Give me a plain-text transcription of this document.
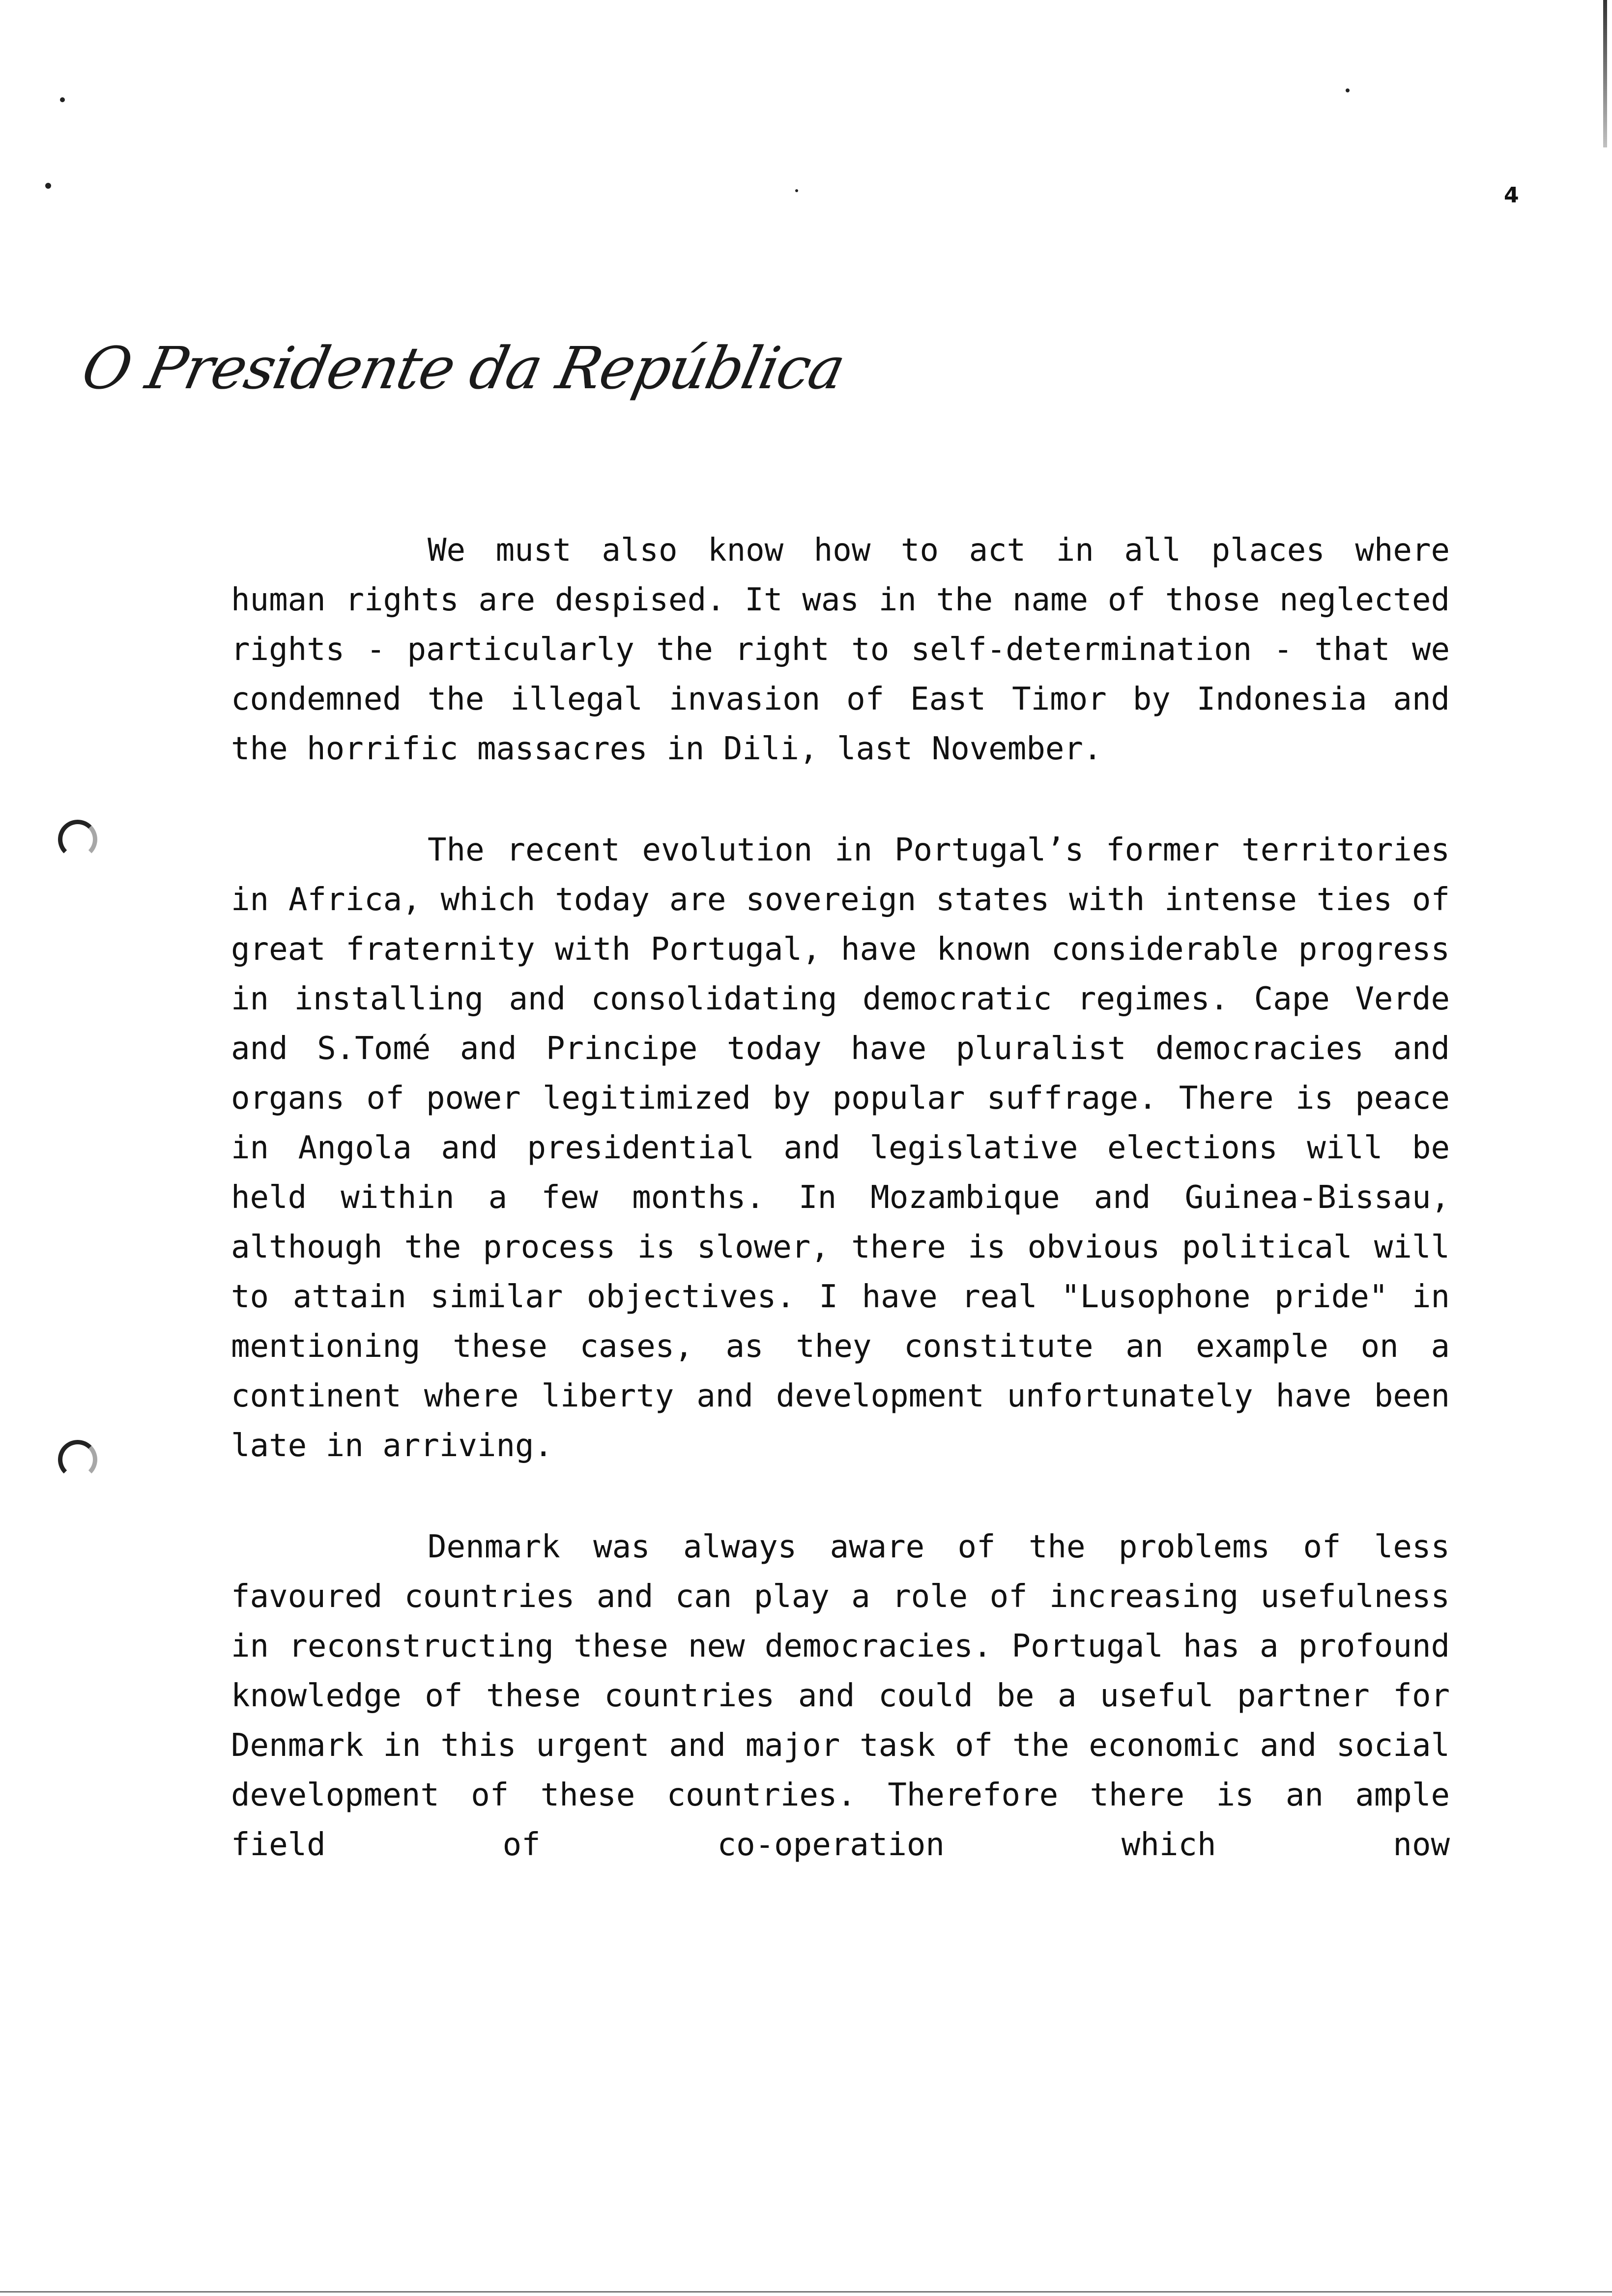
4
O Presidente da República

We must also know how to act in all places where human rights are despised. It was in the name of those neglected rights - particularly the right to self-determination - that we condemned the illegal invasion of East Timor by Indonesia and the horrific massacres in Dili, last November.

The recent evolution in Portugal’s former territories in Africa, which today are sovereign states with intense ties of great fraternity with Portugal, have known considerable progress in installing and consolidating democratic regimes. Cape Verde and S.Tomé and Principe today have pluralist democracies and organs of power legitimized by popular suffrage. There is peace in Angola and presidential and legislative elections will be held within a few months. In Mozambique and Guinea-Bissau, although the process is slower, there is obvious political will to attain similar objectives. I have real "Lusophone pride" in mentioning these cases, as they constitute an example on a continent where liberty and development unfortunately have been late in arriving.

Denmark was always aware of the problems of less favoured countries and can play a role of increasing usefulness in reconstructing these new democracies. Portugal has a profound knowledge of these countries and could be a useful partner for Denmark in this urgent and major task of the economic and social development of these countries. Therefore there is an ample field of co-operation which now
